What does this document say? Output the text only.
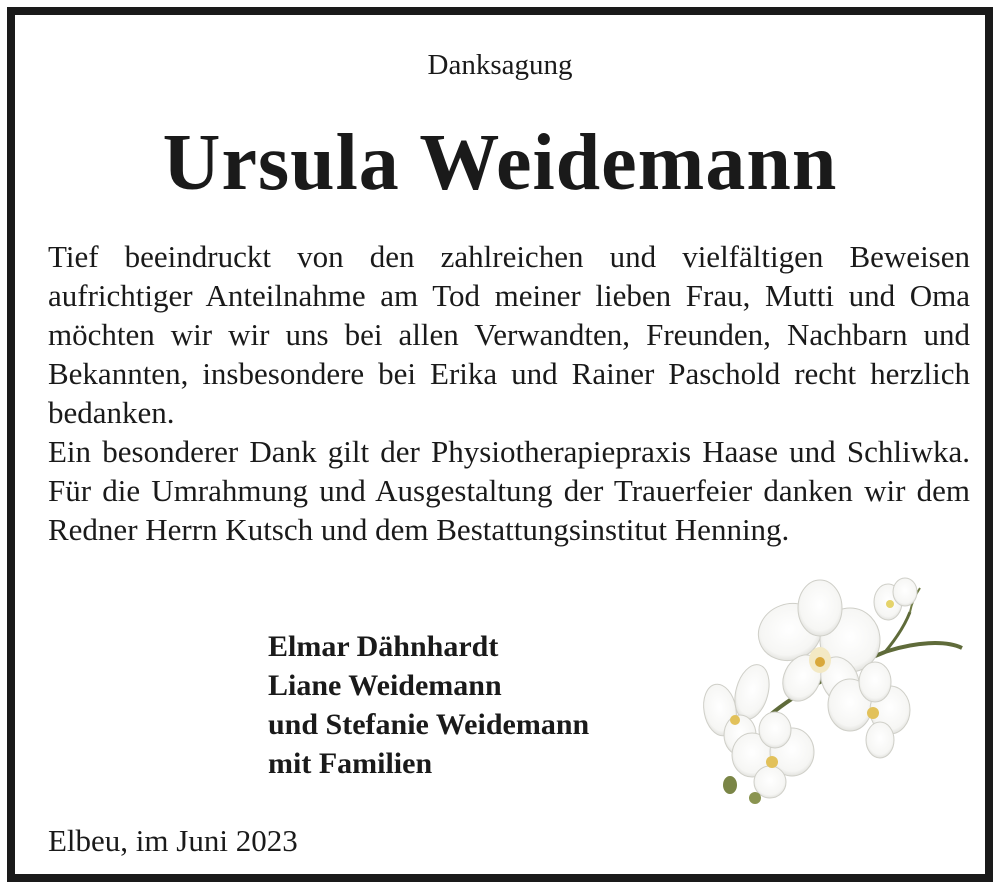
Danksagung
Ursula Weidemann

Tief beeindruckt von den zahlreichen und vielfältigen Beweisen aufrichtiger Anteilnahme am Tod meiner lieben Frau, Mutti und Oma möchten wir wir uns bei allen Verwandten, Freunden, Nachbarn und Bekannten, insbesondere bei Erika und Rainer Paschold recht herzlich bedanken.

Ein besonderer Dank gilt der Physiotherapiepraxis Haase und Schliwka. Für die Umrahmung und Ausgestaltung der Trauerfeier danken wir dem Redner Herrn Kutsch und dem Bestattungsinstitut Henning.

Elmar Dähnhardt
Liane Weidemann
und Stefanie Weidemann
mit Familien
Elbeu, im Juni 2023
